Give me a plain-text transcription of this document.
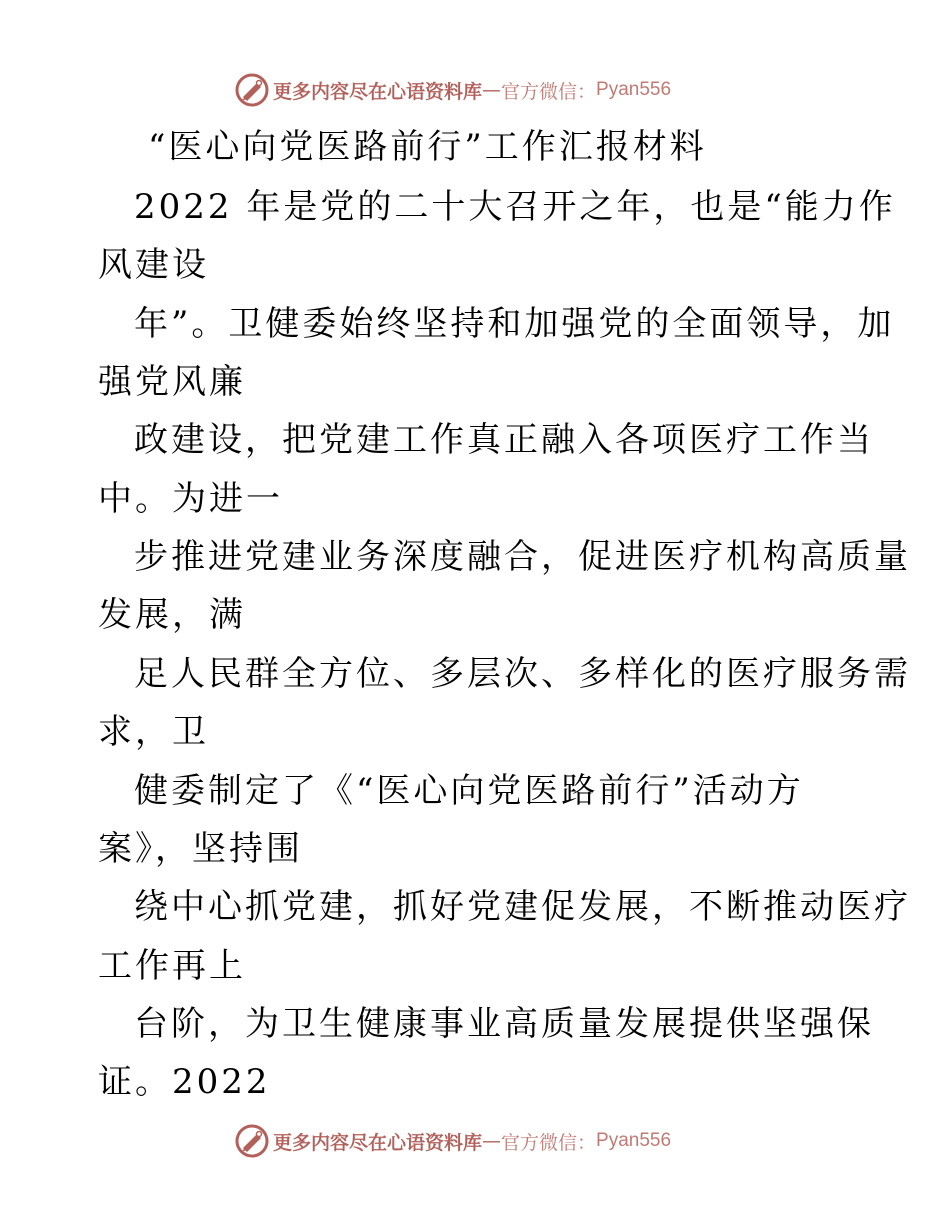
更多内容尽在心语资料库 — 官方微信： Pyan556
“医心向党医路前行”工作汇报材料
2022 年是党的二十大召开之年，也是“能力作
风建设
年”。卫健委始终坚持和加强党的全面领导，加
强党风廉
政建设，把党建工作真正融入各项医疗工作当
中。为进一
步推进党建业务深度融合，促进医疗机构高质量
发展，满
足人民群全方位、多层次、多样化的医疗服务需
求，卫
健委制定了《“医心向党医路前行”活动方
案》，坚持围
绕中心抓党建，抓好党建促发展，不断推动医疗
工作再上
台阶，为卫生健康事业高质量发展提供坚强保
证。2022
更多内容尽在心语资料库 — 官方微信： Pyan556
